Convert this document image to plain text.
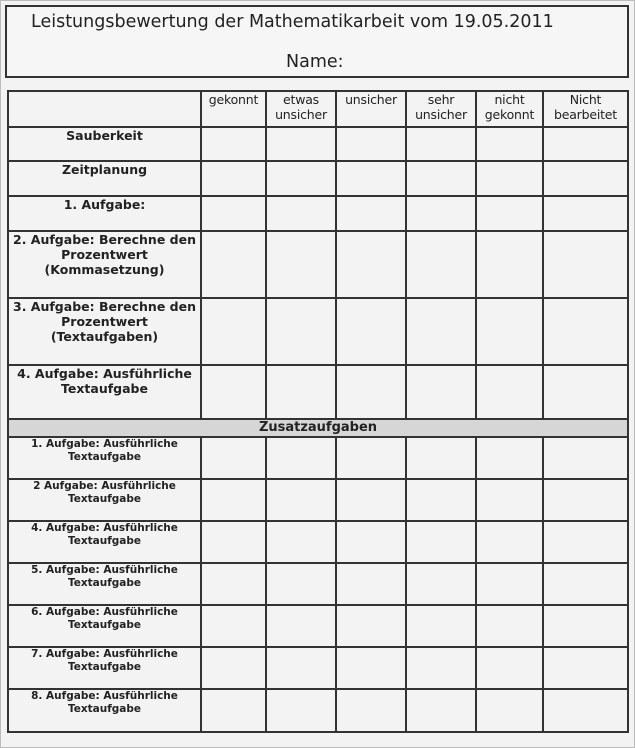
Leistungsbewertung der Mathematikarbeit vom 19.05.2011
Name:
	gekonnt	etwas unsicher	unsicher	sehr unsicher	nicht gekonnt	Nicht bearbeitet
Sauberkeit						
Zeitplanung						
1. Aufgabe:						
2. Aufgabe: Berechne den Prozentwert (Kommasetzung)						
3. Aufgabe: Berechne den Prozentwert (Textaufgaben)						
4. Aufgabe: Ausführliche Textaufgabe						
Zusatzaufgaben						
1. Aufgabe: Ausführliche Textaufgabe						
2 Aufgabe: Ausführliche Textaufgabe						
4. Aufgabe: Ausführliche Textaufgabe						
5. Aufgabe: Ausführliche Textaufgabe						
6. Aufgabe: Ausführliche Textaufgabe						
7. Aufgabe: Ausführliche Textaufgabe						
8. Aufgabe: Ausführliche Textaufgabe						
